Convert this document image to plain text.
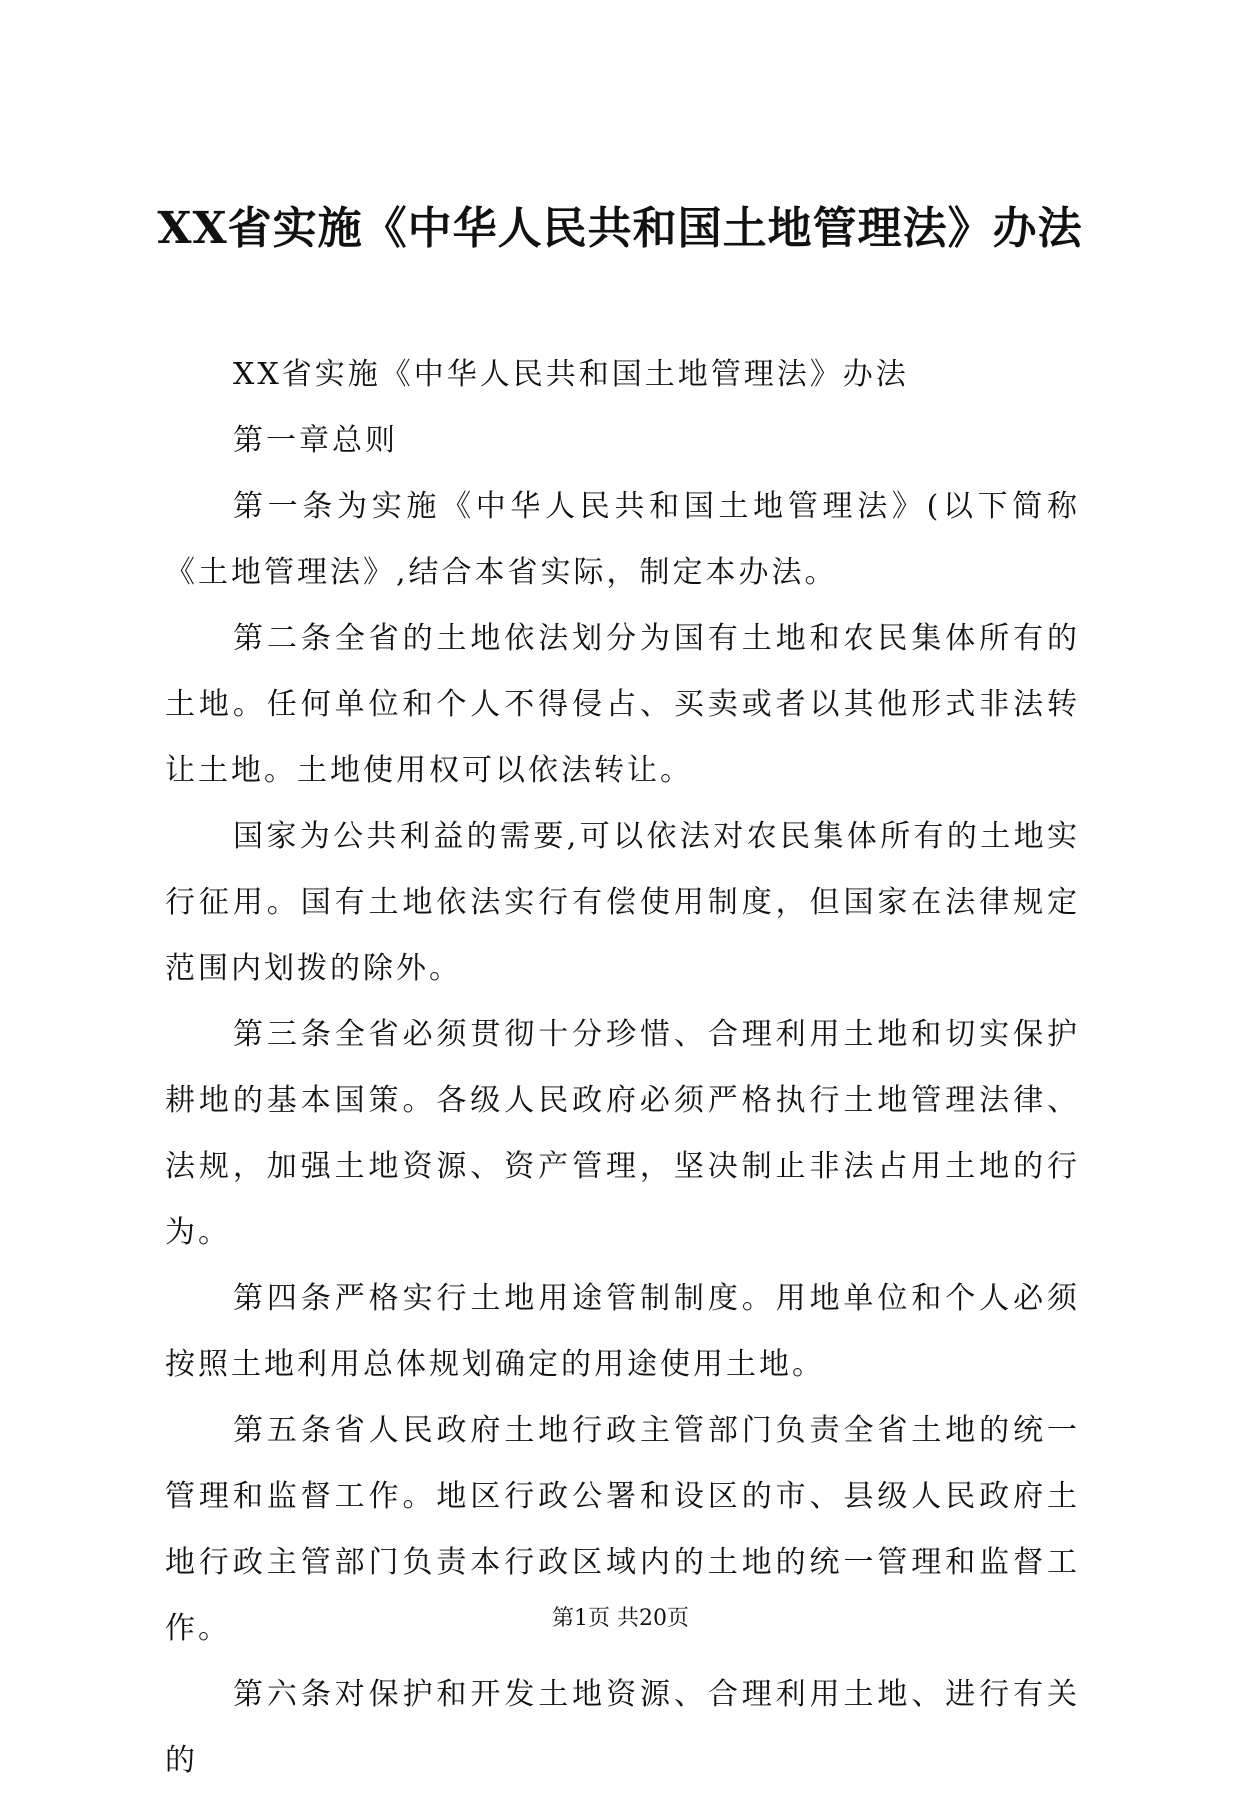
XX省实施《中华人民共和国土地管理法》办法

XX省实施《中华人民共和国土地管理法》办法

第一章总则

第一条为实施《中华人民共和国土地管理法》(以下简称《土地管理法》,结合本省实际，制定本办法。

第二条全省的土地依法划分为国有土地和农民集体所有的土地。任何单位和个人不得侵占、买卖或者以其他形式非法转让土地。土地使用权可以依法转让。

国家为公共利益的需要,可以依法对农民集体所有的土地实行征用。国有土地依法实行有偿使用制度，但国家在法律规定范围内划拨的除外。

第三条全省必须贯彻十分珍惜、合理利用土地和切实保护耕地的基本国策。各级人民政府必须严格执行土地管理法律、法规，加强土地资源、资产管理，坚决制止非法占用土地的行为。

第四条严格实行土地用途管制制度。用地单位和个人必须按照土地利用总体规划确定的用途使用土地。

第五条省人民政府土地行政主管部门负责全省土地的统一管理和监督工作。地区行政公署和设区的市、县级人民政府土地行政主管部门负责本行政区域内的土地的统一管理和监督工作。

第六条对保护和开发土地资源、合理利用土地、进行有关的

第1页 共20页
